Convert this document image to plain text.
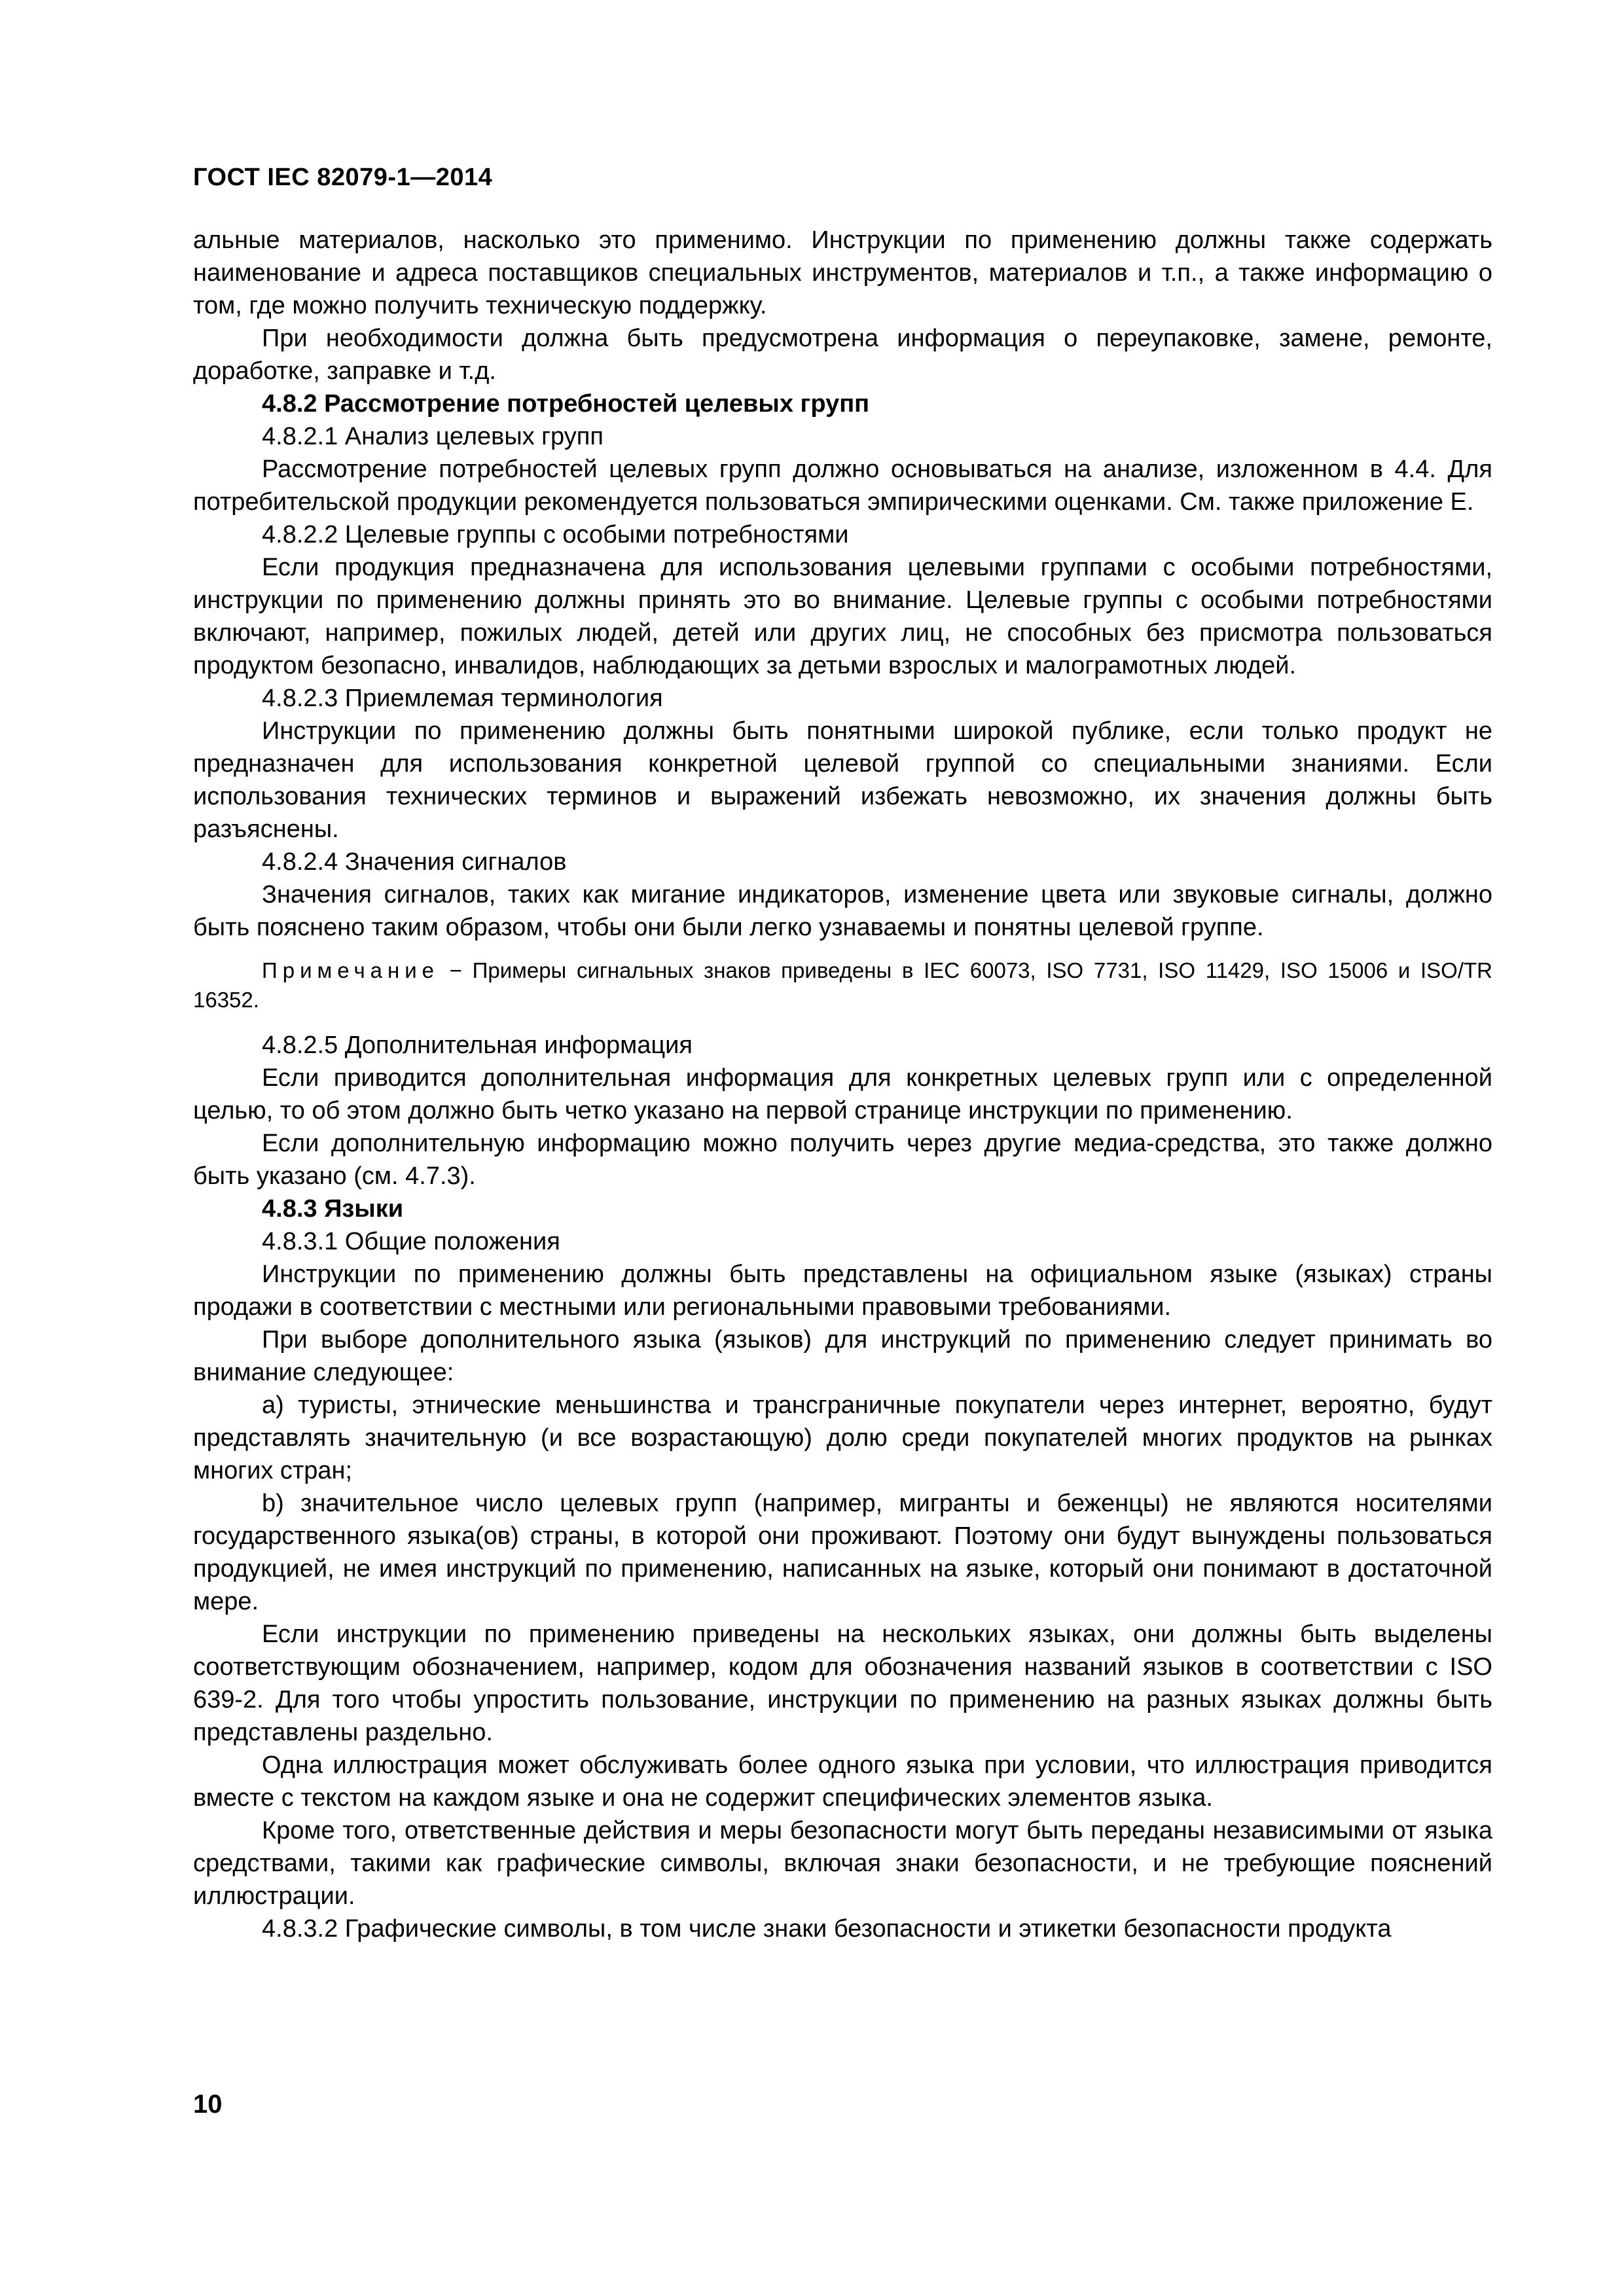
ГОСТ IEC 82079-1—2014

альные материалов, насколько это применимо. Инструкции по применению должны также содержать наименование и адреса поставщиков специальных инструментов, материалов и т.п., а также информацию о том, где можно получить техническую поддержку.

При необходимости должна быть предусмотрена информация о переупаковке, замене, ремонте, доработке, заправке и т.д.

4.8.2 Рассмотрение потребностей целевых групп

4.8.2.1 Анализ целевых групп

Рассмотрение потребностей целевых групп должно основываться на анализе, изложенном в 4.4. Для потребительской продукции рекомендуется пользоваться эмпирическими оценками. См. также приложение Е.

4.8.2.2 Целевые группы с особыми потребностями

Если продукция предназначена для использования целевыми группами с особыми потребностями, инструкции по применению должны принять это во внимание. Целевые группы с особыми потребностями включают, например, пожилых людей, детей или других лиц, не способных без присмотра пользоваться продуктом безопасно, инвалидов, наблюдающих за детьми взрослых и малограмотных людей.

4.8.2.3 Приемлемая терминология

Инструкции по применению должны быть понятными широкой публике, если только продукт не предназначен для использования конкретной целевой группой со специальными знаниями. Если использования технических терминов и выражений избежать невозможно, их значения должны быть разъяснены.

4.8.2.4 Значения сигналов

Значения сигналов, таких как мигание индикаторов, изменение цвета или звуковые сигналы, должно быть пояснено таким образом, чтобы они были легко узнаваемы и понятны целевой группе.

Примечание − Примеры сигнальных знаков приведены в IEC 60073, ISO 7731, ISO 11429, ISO 15006 и ISO/TR 16352.

4.8.2.5 Дополнительная информация

Если приводится дополнительная информация для конкретных целевых групп или с определенной целью, то об этом должно быть четко указано на первой странице инструкции по применению.

Если дополнительную информацию можно получить через другие медиа-средства, это также должно быть указано (см. 4.7.3).

4.8.3 Языки

4.8.3.1 Общие положения

Инструкции по применению должны быть представлены на официальном языке (языках) страны продажи в соответствии с местными или региональными правовыми требованиями.

При выборе дополнительного языка (языков) для инструкций по применению следует принимать во внимание следующее:

a) туристы, этнические меньшинства и трансграничные покупатели через интернет, вероятно, будут представлять значительную (и все возрастающую) долю среди покупателей многих продуктов на рынках многих стран;

b) значительное число целевых групп (например, мигранты и беженцы) не являются носителями государственного языка(ов) страны, в которой они проживают. Поэтому они будут вынуждены пользоваться продукцией, не имея инструкций по применению, написанных на языке, который они понимают в достаточной мере.

Если инструкции по применению приведены на нескольких языках, они должны быть выделены соответствующим обозначением, например, кодом для обозначения названий языков в соответствии с ISO 639-2. Для того чтобы упростить пользование, инструкции по применению на разных языках должны быть представлены раздельно.

Одна иллюстрация может обслуживать более одного языка при условии, что иллюстрация приводится вместе с текстом на каждом языке и она не содержит специфических элементов языка.

Кроме того, ответственные действия и меры безопасности могут быть переданы независимыми от языка средствами, такими как графические символы, включая знаки безопасности, и не требующие пояснений иллюстрации.

4.8.3.2 Графические символы, в том числе знаки безопасности и этикетки безопасности продукта

10
